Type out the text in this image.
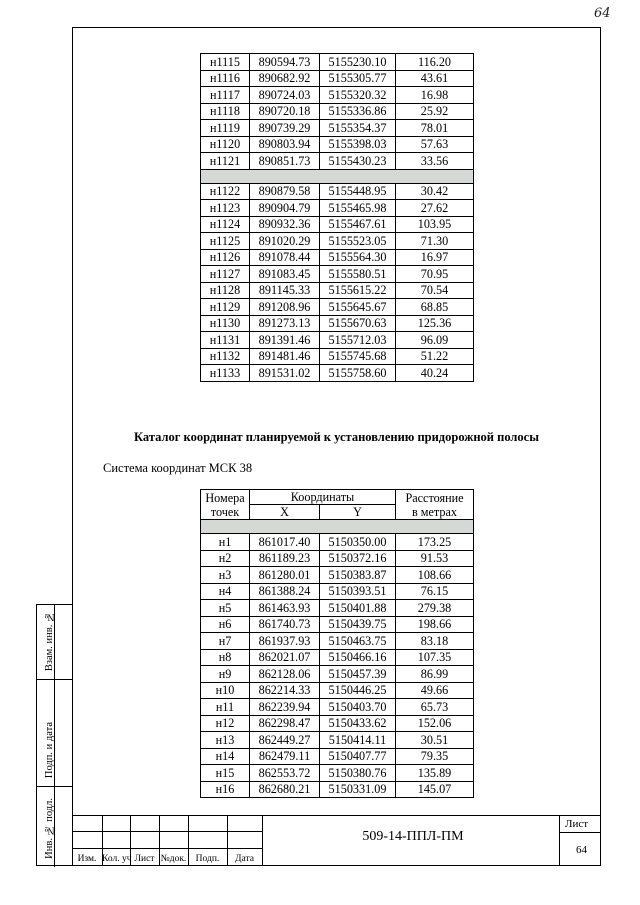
64
Взам. инв. №
Подп. и дата
Инв. № подл.
н1115	890594.73	5155230.10	116.20
н1116	890682.92	5155305.77	43.61
н1117	890724.03	5155320.32	16.98
н1118	890720.18	5155336.86	25.92
н1119	890739.29	5155354.37	78.01
н1120	890803.94	5155398.03	57.63
н1121	890851.73	5155430.23	33.56

н1122	890879.58	5155448.95	30.42
н1123	890904.79	5155465.98	27.62
н1124	890932.36	5155467.61	103.95
н1125	891020.29	5155523.05	71.30
н1126	891078.44	5155564.30	16.97
н1127	891083.45	5155580.51	70.95
н1128	891145.33	5155615.22	70.54
н1129	891208.96	5155645.67	68.85
н1130	891273.13	5155670.63	125.36
н1131	891391.46	5155712.03	96.09
н1132	891481.46	5155745.68	51.22
н1133	891531.02	5155758.60	40.24
Каталог координат планируемой к установлению придорожной полосы
Система координат МСК 38
Номера
точек	Координаты		Расстояние
в метрах
	X	Y	

н1	861017.40	5150350.00	173.25
н2	861189.23	5150372.16	91.53
н3	861280.01	5150383.87	108.66
н4	861388.24	5150393.51	76.15
н5	861463.93	5150401.88	279.38
н6	861740.73	5150439.75	198.66
н7	861937.93	5150463.75	83.18
н8	862021.07	5150466.16	107.35
н9	862128.06	5150457.39	86.99
н10	862214.33	5150446.25	49.66
н11	862239.94	5150403.70	65.73
н12	862298.47	5150433.62	152.06
н13	862449.27	5150414.11	30.51
н14	862479.11	5150407.77	79.35
н15	862553.72	5150380.76	135.89
н16	862680.21	5150331.09	145.07
Изм. Кол. уч Лист №док. Подп.	Дата
509-14-ППЛ-ПМ
Лист
64
